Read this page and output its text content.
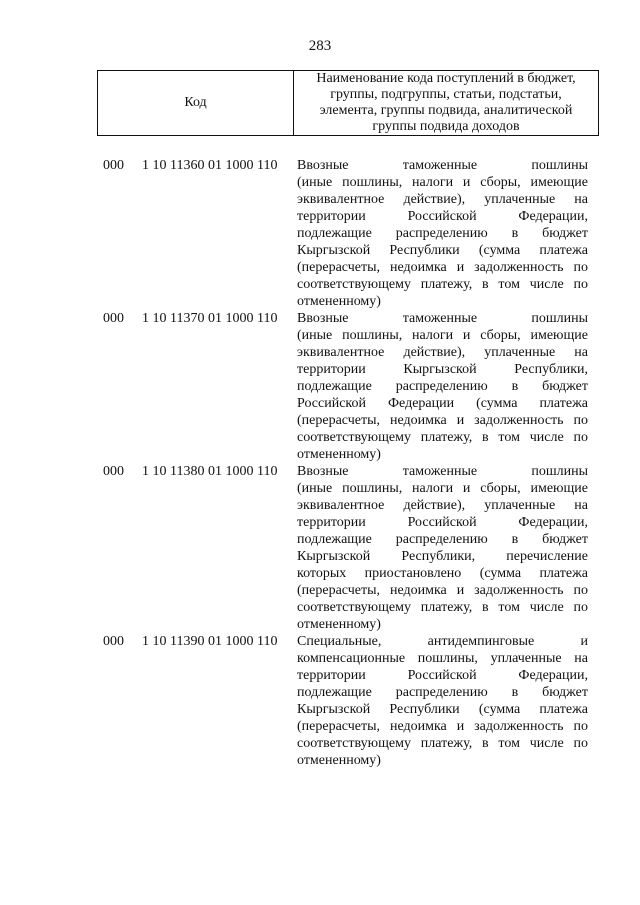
283
Код
Наименование кода поступлений в бюджет, группы, подгруппы, статьи, подстатьи, элемента, группы подвида, аналитической группы подвида доходов
000 1 10 11360 01 1000 110 Ввозные таможенные пошлины
(иные пошлины, налоги и сборы, имеющие
эквивалентное действие), уплаченные на
территории Российской Федерации,
подлежащие распределению в бюджет
Кыргызской Республики (сумма платежа
(перерасчеты, недоимка и задолженность по
соответствующему платежу, в том числе по
отмененному)
000 1 10 11370 01 1000 110 Ввозные таможенные пошлины
(иные пошлины, налоги и сборы, имеющие
эквивалентное действие), уплаченные на
территории Кыргызской Республики,
подлежащие распределению в бюджет
Российской Федерации (сумма платежа
(перерасчеты, недоимка и задолженность по
соответствующему платежу, в том числе по
отмененному)
000 1 10 11380 01 1000 110 Ввозные таможенные пошлины
(иные пошлины, налоги и сборы, имеющие
эквивалентное действие), уплаченные на
территории Российской Федерации,
подлежащие распределению в бюджет
Кыргызской Республики, перечисление
которых приостановлено (сумма платежа
(перерасчеты, недоимка и задолженность по
соответствующему платежу, в том числе по
отмененному)
000 1 10 11390 01 1000 110 Специальные, антидемпинговые и
компенсационные пошлины, уплаченные на
территории Российской Федерации,
подлежащие распределению в бюджет
Кыргызской Республики (сумма платежа
(перерасчеты, недоимка и задолженность по
соответствующему платежу, в том числе по
отмененному)
